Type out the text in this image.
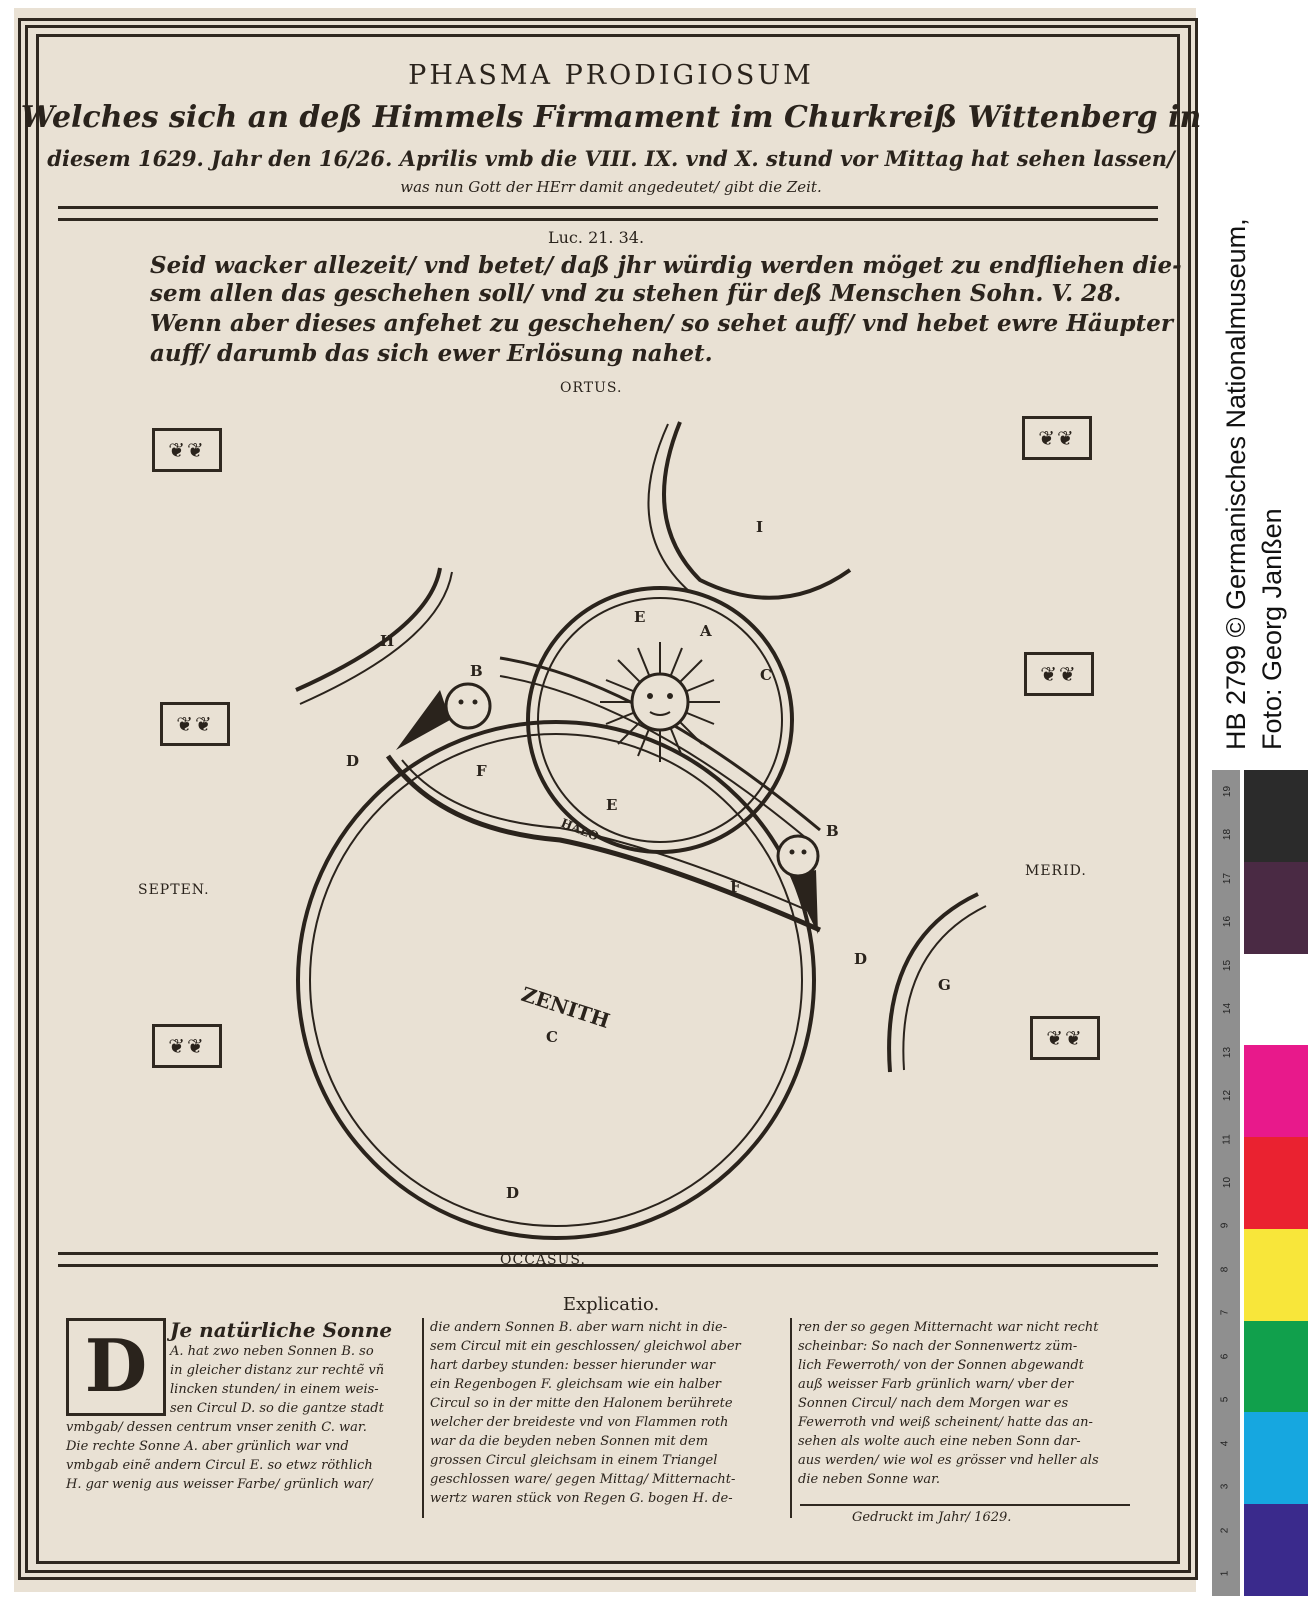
PHASMA PRODIGIOSUM
Welches sich an deß Himmels Firmament im Churkreiß Wittenberg in
diesem 1629. Jahr den 16/26. Aprilis vmb die VIII. IX. vnd X. stund vor Mittag hat sehen lassen/
was nun Gott der HErr damit angedeutet/ gibt die Zeit.
Luc. 21. 34.
Seid wacker allezeit/ vnd betet/ daß jhr würdig werden möget zu endfliehen die-
sem allen das geschehen soll/ vnd zu stehen für deß Menschen Sohn. V. 28.
Wenn aber dieses anfehet zu geschehen/ so sehet auff/ vnd hebet ewre Häupter
auff/ darumb das sich ewer Erlösung nahet.
ORTUS.
OCCASUS.
SEPTEN.
MERID.
❦❦	❦❦
❦❦
❦❦
❦❦	❦❦
A
B
B
C
C
D
D
D
E
E
F
F
G
H
I
HALO
ZENITH
Explicatio.
D	Je natürliche Sonne

A. hat zwo neben Sonnen B. so

in gleicher distanz zur rechtẽ vñ

lincken stunden/ in einem weis-

sen Circul D. so die gantze stadt

vmbgab/ dessen centrum vnser zenith C. war.

Die rechte Sonne A. aber grünlich war vnd

vmbgab einẽ andern Circul E. so etwz röthlich

H. gar wenig aus weisser Farbe/ grünlich war/

die andern Sonnen B. aber warn nicht in die-

sem Circul mit ein geschlossen/ gleichwol aber

hart darbey stunden: besser hierunder war

ein Regenbogen F. gleichsam wie ein halber

Circul so in der mitte den Halonem berührete

welcher der breideste vnd von Flammen roth

war da die beyden neben Sonnen mit dem

grossen Circul gleichsam in einem Triangel

geschlossen ware/ gegen Mittag/ Mitternacht-

wertz waren stück von Regen G. bogen H. de-

ren der so gegen Mitternacht war nicht recht

scheinbar: So nach der Sonnenwertz züm-

lich Fewerroth/ von der Sonnen abgewandt

auß weisser Farb grünlich warn/ vber der

Sonnen Circul/ nach dem Morgen war es

Fewerroth vnd weiß scheinent/ hatte das an-

sehen als wolte auch eine neben Sonn dar-

aus werden/ wie wol es grösser vnd heller als

die neben Sonne war.

Gedruckt im Jahr/ 1629.
HB 2799 © Germanisches Nationalmuseum, Foto: Georg Janßen
19
18
17
16
15
14
13
12
11
10
9
8
7
6
5
4
3
2
1
